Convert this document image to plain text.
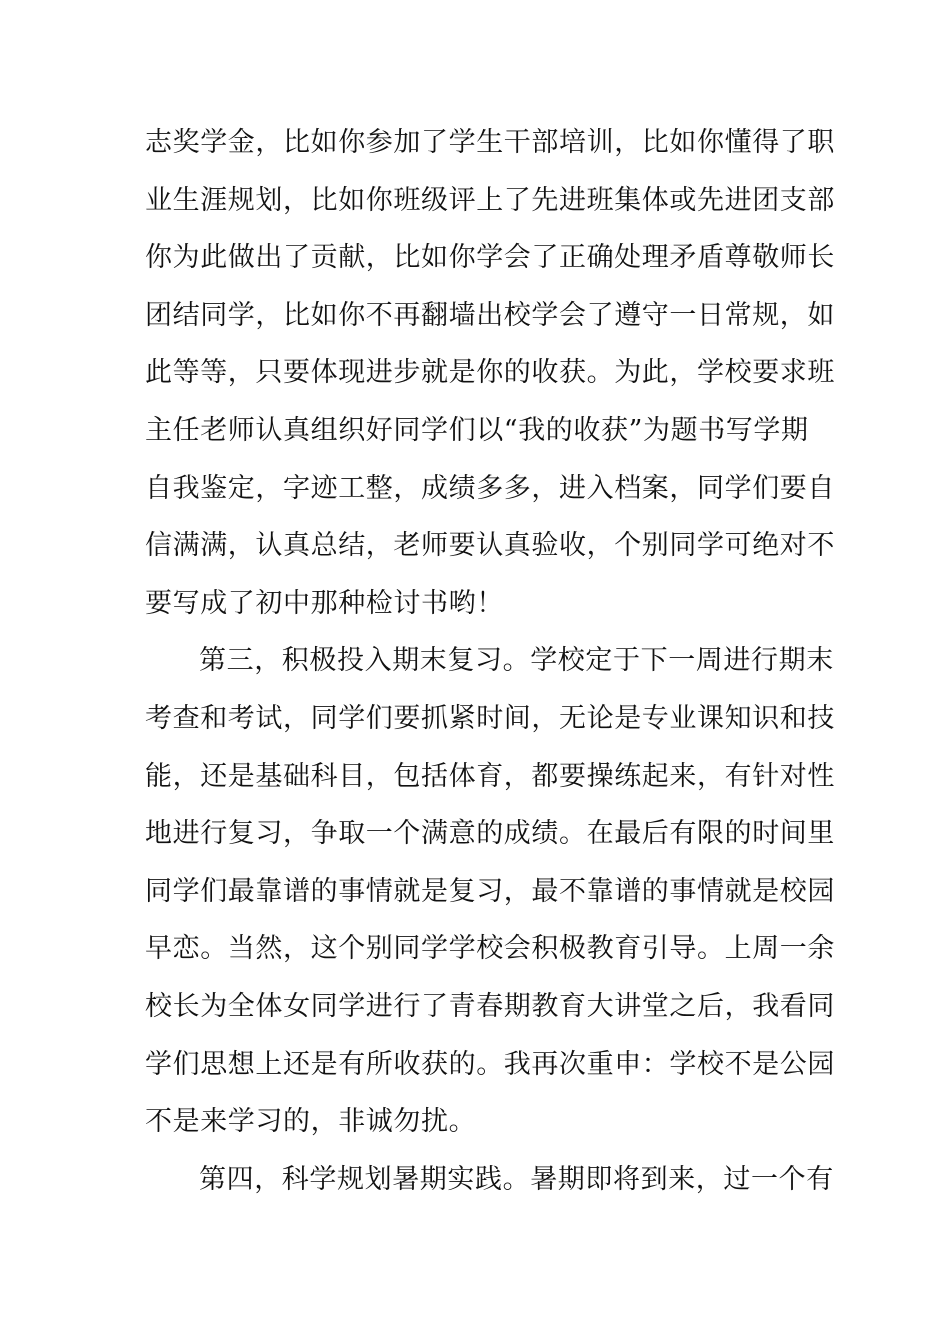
志奖学金，比如你参加了学生干部培训，比如你懂得了职
业生涯规划，比如你班级评上了先进班集体或先进团支部
你为此做出了贡献，比如你学会了正确处理矛盾尊敬师长
团结同学，比如你不再翻墙出校学会了遵守一日常规，如
此等等，只要体现进步就是你的收获。为此，学校要求班
主任老师认真组织好同学们以“我的收获”为题书写学期
自我鉴定，字迹工整，成绩多多，进入档案，同学们要自
信满满，认真总结，老师要认真验收，个别同学可绝对不
要写成了初中那种检讨书哟！
第三，积极投入期末复习。学校定于下一周进行期末
考查和考试，同学们要抓紧时间，无论是专业课知识和技
能，还是基础科目，包括体育，都要操练起来，有针对性
地进行复习，争取一个满意的成绩。在最后有限的时间里
同学们最靠谱的事情就是复习，最不靠谱的事情就是校园
早恋。当然，这个别同学学校会积极教育引导。上周一余
校长为全体女同学进行了青春期教育大讲堂之后，我看同
学们思想上还是有所收获的。我再次重申：学校不是公园
不是来学习的，非诚勿扰。
第四，科学规划暑期实践。暑期即将到来，过一个有
